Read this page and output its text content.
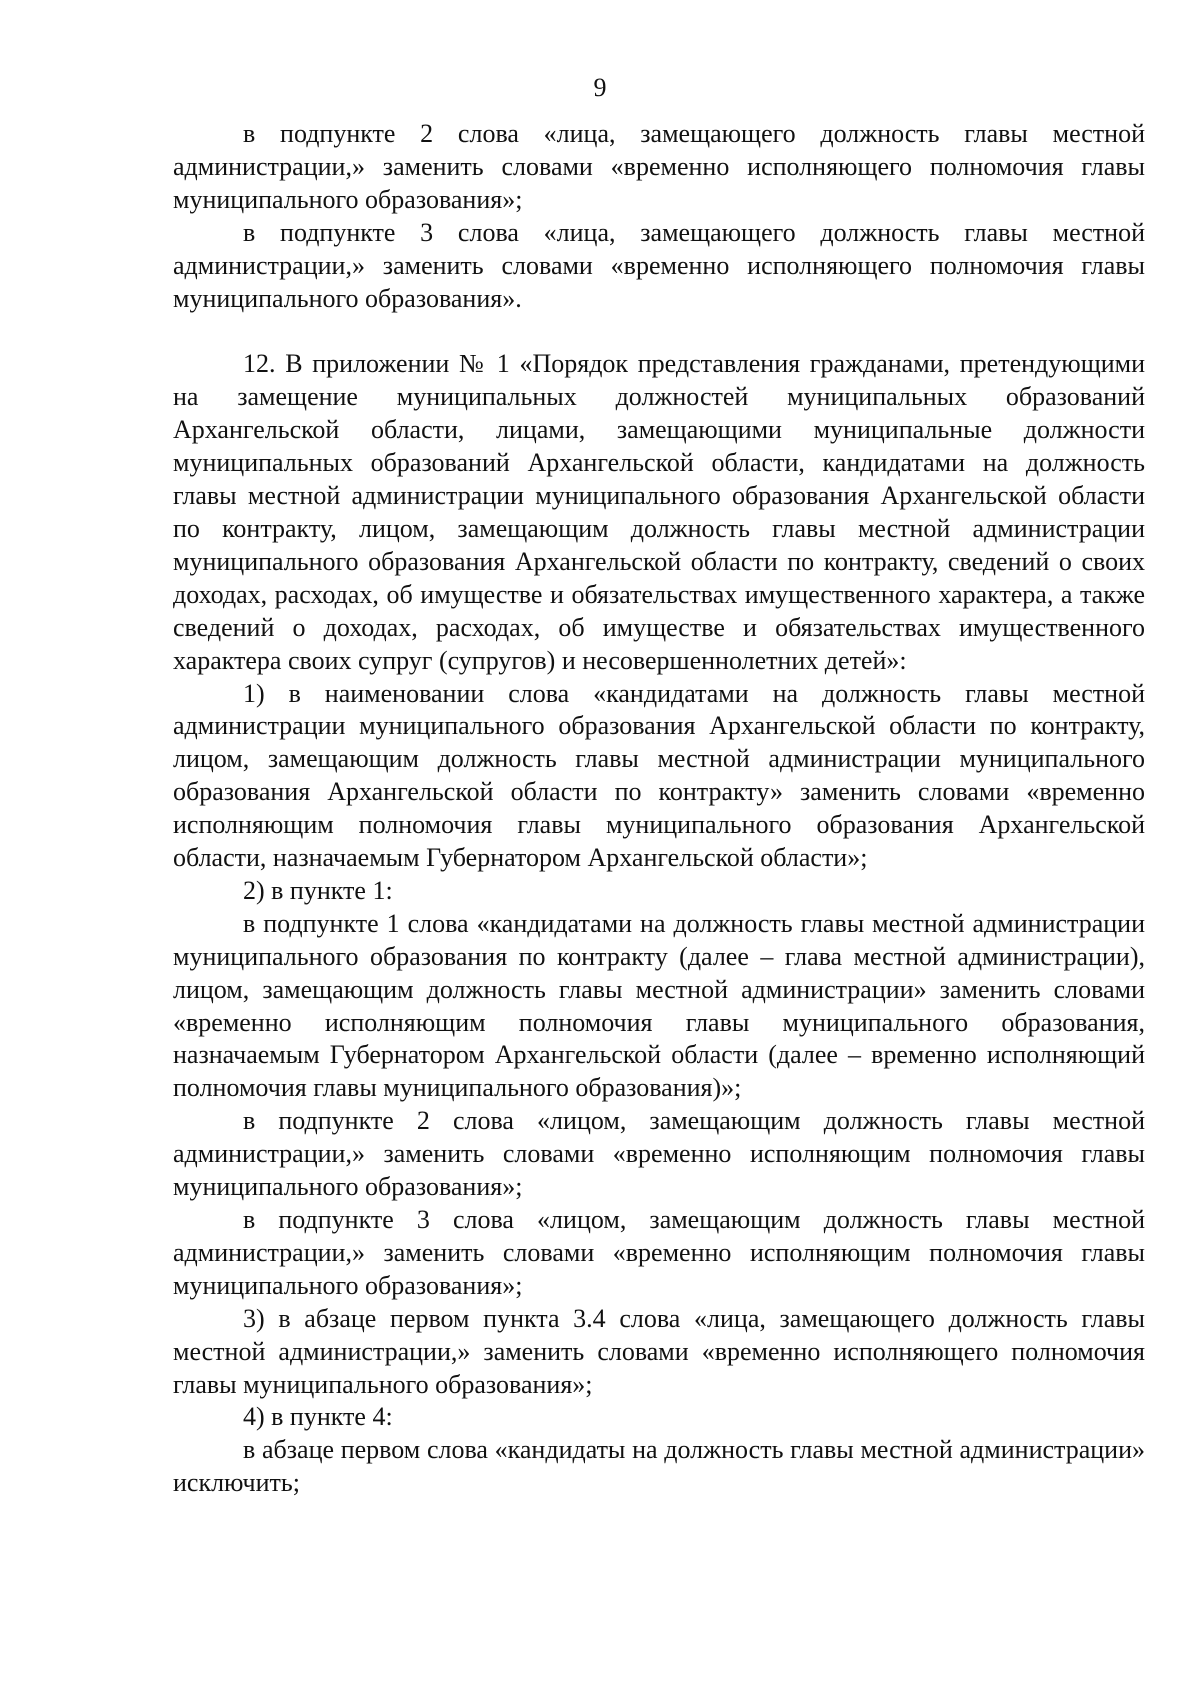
9

в подпункте 2 слова «лица, замещающего должность главы местной администрации,» заменить словами «временно исполняющего полномочия главы муниципального образования»;

в подпункте 3 слова «лица, замещающего должность главы местной администрации,» заменить словами «временно исполняющего полномочия главы муниципального образования».

12. В приложении № 1 «Порядок представления гражданами, претендующими на замещение муниципальных должностей муниципальных образований Архангельской области, лицами, замещающими муниципальные должности муниципальных образований Архангельской области, кандидатами на должность главы местной администрации муниципального образования Архангельской области по контракту, лицом, замещающим должность главы местной администрации муниципального образования Архангельской области по контракту, сведений о своих доходах, расходах, об имуществе и обязательствах имущественного характера, а также сведений о доходах, расходах, об имуществе и обязательствах имущественного характера своих супруг (супругов) и несовершеннолетних детей»:

1) в наименовании слова «кандидатами на должность главы местной администрации муниципального образования Архангельской области по контракту, лицом, замещающим должность главы местной администрации муниципального образования Архангельской области по контракту» заменить словами «временно исполняющим полномочия главы муниципального образования Архангельской области, назначаемым Губернатором Архангельской области»;

2) в пункте 1:

в подпункте 1 слова «кандидатами на должность главы местной администрации муниципального образования по контракту (далее – глава местной администрации), лицом, замещающим должность главы местной администрации» заменить словами «временно исполняющим полномочия главы муниципального образования, назначаемым Губернатором Архангельской области (далее – временно исполняющий полномочия главы муниципального образования)»;

в подпункте 2 слова «лицом, замещающим должность главы местной администрации,» заменить словами «временно исполняющим полномочия главы муниципального образования»;

в подпункте 3 слова «лицом, замещающим должность главы местной администрации,» заменить словами «временно исполняющим полномочия главы муниципального образования»;

3) в абзаце первом пункта 3.4 слова «лица, замещающего должность главы местной администрации,» заменить словами «временно исполняющего полномочия главы муниципального образования»;

4) в пункте 4:

в абзаце первом слова «кандидаты на должность главы местной администрации» исключить;
